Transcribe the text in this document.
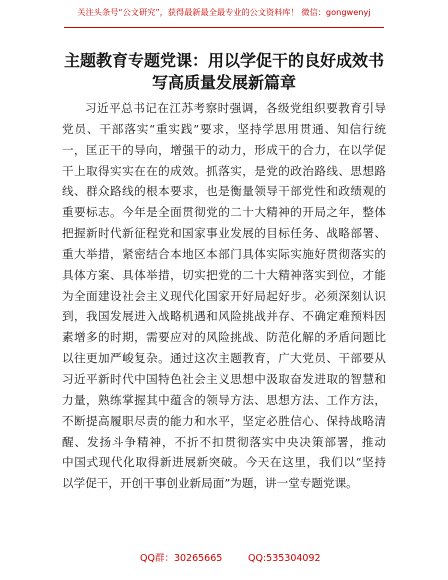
关注头条号“公文研究”，获得最新最全最专业的公文资料库！ 微信：gongwenyj
主题教育专题党课：用以学促干的良好成效书
写高质量发展新篇章
习近平总书记在江苏考察时强调，各级党组织要教育引导
党员、干部落实“重实践”要求，坚持学思用贯通、知信行统
一，匡正干的导向，增强干的动力，形成干的合力，在以学促
干上取得实实在在的成效。抓落实，是党的政治路线、思想路
线、群众路线的根本要求，也是衡量领导干部党性和政绩观的
重要标志。今年是全面贯彻党的二十大精神的开局之年，整体
把握新时代新征程党和国家事业发展的目标任务、战略部署、
重大举措，紧密结合本地区本部门具体实际实施好贯彻落实的
具体方案、具体举措，切实把党的二十大精神落实到位，才能
为全面建设社会主义现代化国家开好局起好步。必须深刻认识
到，我国发展进入战略机遇和风险挑战并存、不确定难预料因
素增多的时期，需要应对的风险挑战、防范化解的矛盾问题比
以往更加严峻复杂。通过这次主题教育，广大党员、干部要从
习近平新时代中国特色社会主义思想中汲取奋发进取的智慧和
力量，熟练掌握其中蕴含的领导方法、思想方法、工作方法，
不断提高履职尽责的能力和水平，坚定必胜信心、保持战略清
醒、发扬斗争精神，不折不扣贯彻落实中央决策部署，推动
中国式现代化取得新进展新突破。今天在这里，我们以“坚持
以学促干，开创干事创业新局面”为题，讲一堂专题党课。
QQ群：30265665	QQ:535304092
